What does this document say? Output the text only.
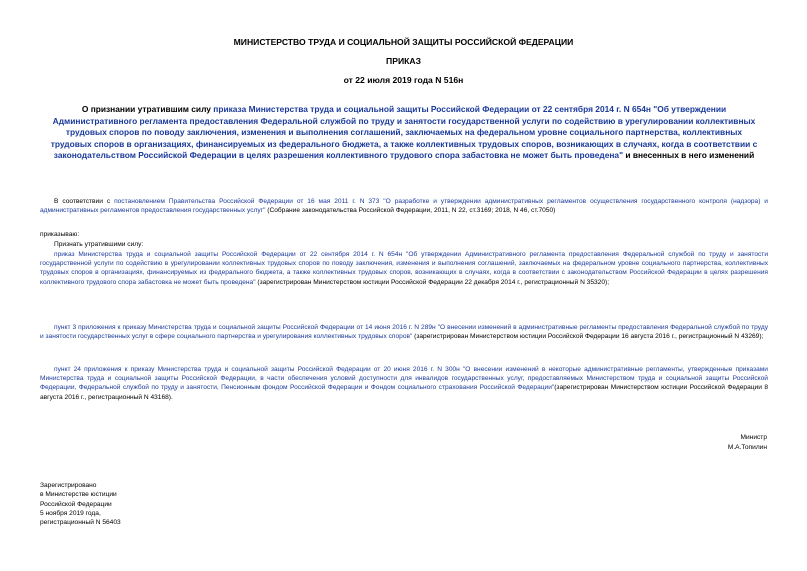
МИНИСТЕРСТВО ТРУДА И СОЦИАЛЬНОЙ ЗАЩИТЫ РОССИЙСКОЙ ФЕДЕРАЦИИ
ПРИКАЗ
от 22 июля 2019 года N 516н
О признании утратившим силу приказа Министерства труда и социальной защиты Российской Федерации от 22 сентября 2014 г. N 654н "Об утверждении Административного регламента предоставления Федеральной службой по труду и занятости государственной услуги по содействию в урегулировании коллективных трудовых споров по поводу заключения, изменения и выполнения соглашений, заключаемых на федеральном уровне социального партнерства, коллективных трудовых споров в организациях, финансируемых из федерального бюджета, а также коллективных трудовых споров, возникающих в случаях, когда в соответствии с законодательством Российской Федерации в целях разрешения коллективного трудового спора забастовка не может быть проведена" и внесенных в него изменений
В соответствии с постановлением Правительства Российской Федерации от 16 мая 2011 г. N 373 "О разработке и утверждении административных регламентов осуществления государственного контроля (надзора) и административных регламентов предоставления государственных услуг" (Собрание законодательства Российской Федерации, 2011, N 22, ст.3169; 2018, N 46, ст.7050)
приказываю:
Признать утратившими силу:
приказ Министерства труда и социальной защиты Российской Федерации от 22 сентября 2014 г. N 654н "Об утверждении Административного регламента предоставления Федеральной службой по труду и занятости государственной услуги по содействию в урегулировании коллективных трудовых споров по поводу заключения, изменения и выполнения соглашений, заключаемых на федеральном уровне социального партнерства, коллективных трудовых споров в организациях, финансируемых из федерального бюджета, а также коллективных трудовых споров, возникающих в случаях, когда в соответствии с законодательством Российской Федерации в целях разрешения коллективного трудового спора забастовка не может быть проведена" (зарегистрирован Министерством юстиции Российской Федерации 22 декабря 2014 г., регистрационный N 35320);
пункт 3 приложения к приказу Министерства труда и социальной защиты Российской Федерации от 14 июня 2016 г. N 289н "О внесении изменений в административные регламенты предоставления Федеральной службой по труду и занятости государственных услуг в сфере социального партнерства и урегулирования коллективных трудовых споров" (зарегистрирован Министерством юстиции Российской Федерации 16 августа 2016 г., регистрационный N 43269);
пункт 24 приложения к приказу Министерства труда и социальной защиты Российской Федерации от 20 июня 2016 г. N 300н "О внесении изменений в некоторые административные регламенты, утвержденные приказами Министерства труда и социальной защиты Российской Федерации, в части обеспечения условий доступности для инвалидов государственных услуг, предоставляемых Министерством труда и социальной защиты Российской Федерации, Федеральной службой по труду и занятости, Пенсионным фондом Российской Федерации и Фондом социального страхования Российской Федерации"(зарегистрирован Министерством юстиции Российской Федерации 8 августа 2016 г., регистрационный N 43168).
Министр
М.А.Топилин
Зарегистрировано
в Министерстве юстиции
Российской Федерации
5 ноября 2019 года,
регистрационный N 56403
